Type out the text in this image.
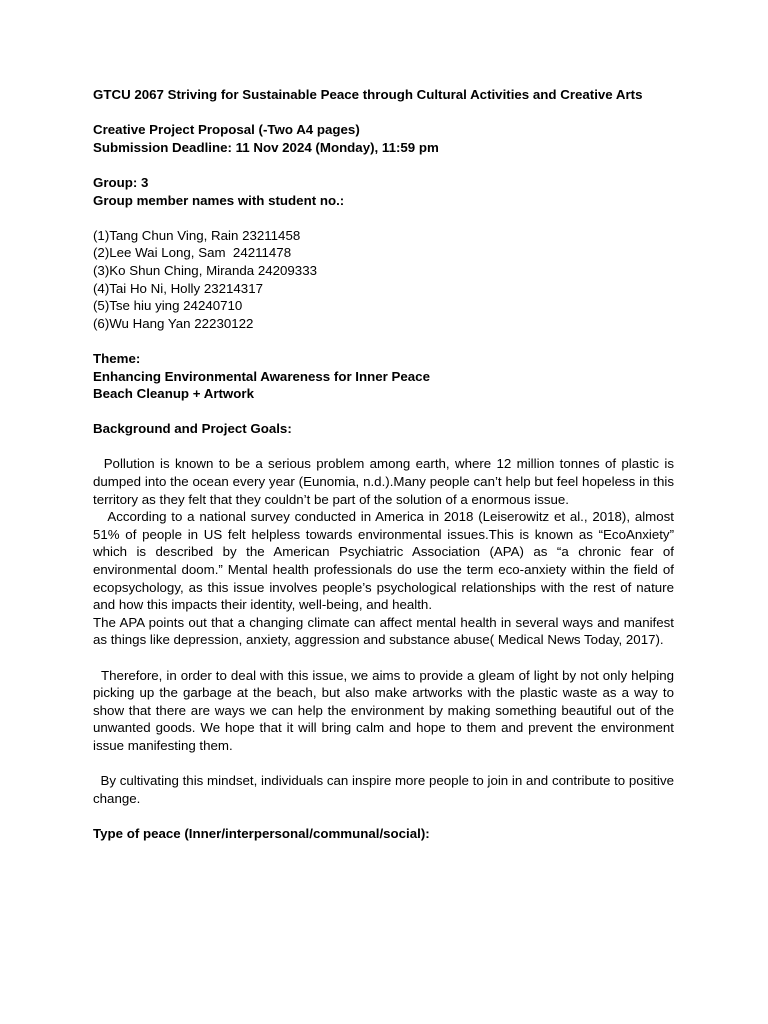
GTCU 2067 Striving for Sustainable Peace through Cultural Activities and Creative Arts
Creative Project Proposal (-Two A4 pages)
Submission Deadline: 11 Nov 2024 (Monday), 11:59 pm
Group: 3
Group member names with student no.:
(1)Tang Chun Ving, Rain 23211458
(2)Lee Wai Long, Sam  24211478
(3)Ko Shun Ching, Miranda 24209333
(4)Tai Ho Ni, Holly 23214317
(5)Tse hiu ying 24240710
(6)Wu Hang Yan 22230122
Theme:
Enhancing Environmental Awareness for Inner Peace
Beach Cleanup + Artwork
Background and Project Goals:

Pollution is known to be a serious problem among earth, where 12 million tonnes of plastic is dumped into the ocean every year (Eunomia, n.d.).Many people can’t help but feel hopeless in this territory as they felt that they couldn’t be part of the solution of a enormous issue.

According to a national survey conducted in America in 2018 (Leiserowitz et al., 2018), almost 51% of people in US felt helpless towards environmental issues.This is known as “EcoAnxiety” which is described by the American Psychiatric Association (APA) as “a chronic fear of environmental doom.” Mental health professionals do use the term eco-anxiety within the field of ecopsychology, as this issue involves people’s psychological relationships with the rest of nature and how this impacts their identity, well-being, and health.

The APA points out that a changing climate can affect mental health in several ways and manifest as things like depression, anxiety, aggression and substance abuse( Medical News Today, 2017).

Therefore, in order to deal with this issue, we aims to provide a gleam of light by not only helping picking up the garbage at the beach, but also make artworks with the plastic waste as a way to show that there are ways we can help the environment by making something beautiful out of the unwanted goods. We hope that it will bring calm and hope to them and prevent the environment issue manifesting them.

By cultivating this mindset, individuals can inspire more people to join in and contribute to positive change.

Type of peace (Inner/interpersonal/communal/social):
